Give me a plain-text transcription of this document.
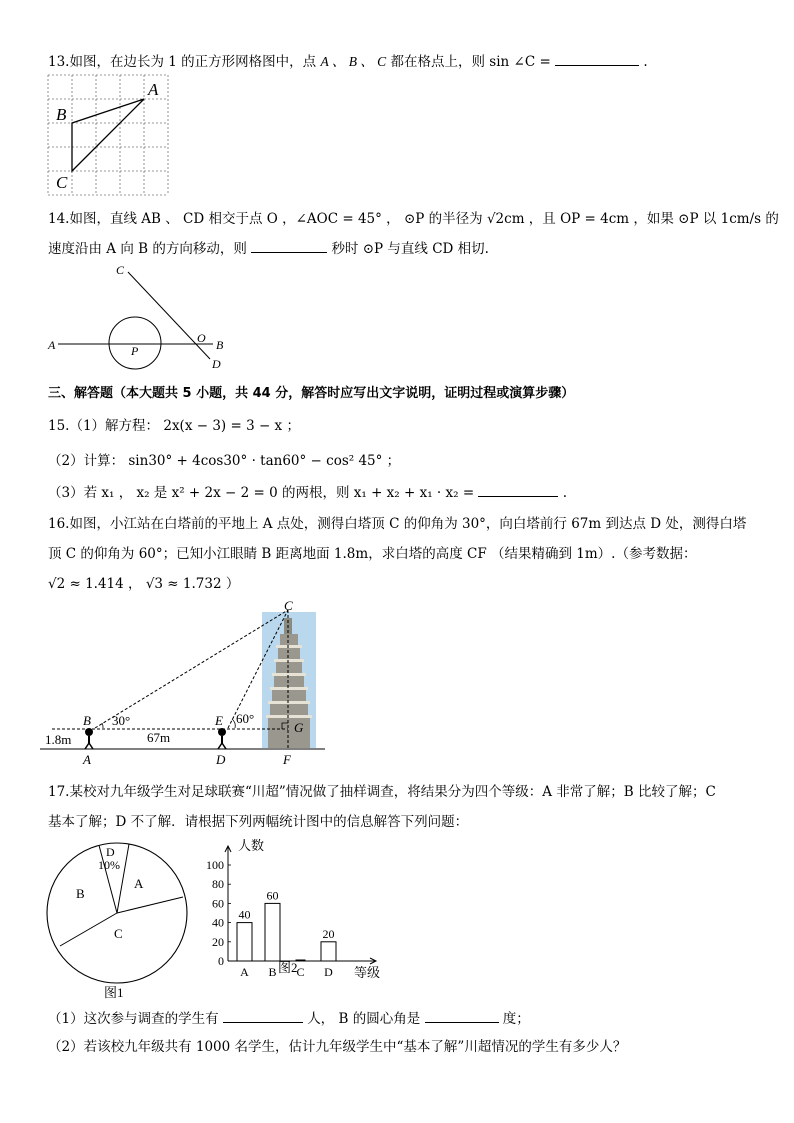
13.如图，在边长为 1 的正方形网格图中，点 A 、 B 、 C 都在格点上，则 sin ∠C =	.
A
B
C
14.如图，直线 AB 、 CD 相交于点 O ，∠AOC = 45° ， ⊙P 的半径为 √2cm ，且 OP = 4cm ，如果 ⊙P 以 1cm/s 的
速度沿由 A 向 B 的方向移动，则	秒时 ⊙P 与直线 CD 相切.
A	B
C
D
O
P
三、解答题（本大题共 5 小题，共 44 分，解答时应写出文字说明，证明过程或演算步骤）
15.（1）解方程： 2x(x − 3) = 3 − x ；
（2）计算： sin30° + 4cos30° · tan60° − cos² 45° ；
（3）若 x₁ ， x₂ 是 x² + 2x − 2 = 0 的两根，则 x₁ + x₂ + x₁ · x₂ =	.
16.如图，小江站在白塔前的平地上 A 点处，测得白塔顶 C 的仰角为 30°，向白塔前行 67m 到达点 D 处，测得白塔
顶 C 的仰角为 60°；已知小江眼睛 B 距离地面 1.8m，求白塔的高度 CF （结果精确到 1m）.（参考数据：
√2 ≈ 1.414 ， √3 ≈ 1.732 ）
C
B	E	G
A	D	F
30°	60°
1.8m	67m
17.某校对九年级学生对足球联赛“川超”情况做了抽样调查，将结果分为四个等级：A 非常了解；B 比较了解；C
基本了解；D 不了解．请根据下列两幅统计图中的信息解答下列问题：
D
10%
A
B
C
图1
人数
等级
0
20
40
60
80
100
40
A
60
B C
20
D
图2
（1）这次参与调查的学生有	人， B 的圆心角是	度；
（2）若该校九年级共有 1000 名学生，估计九年级学生中“基本了解”川超情况的学生有多少人？
